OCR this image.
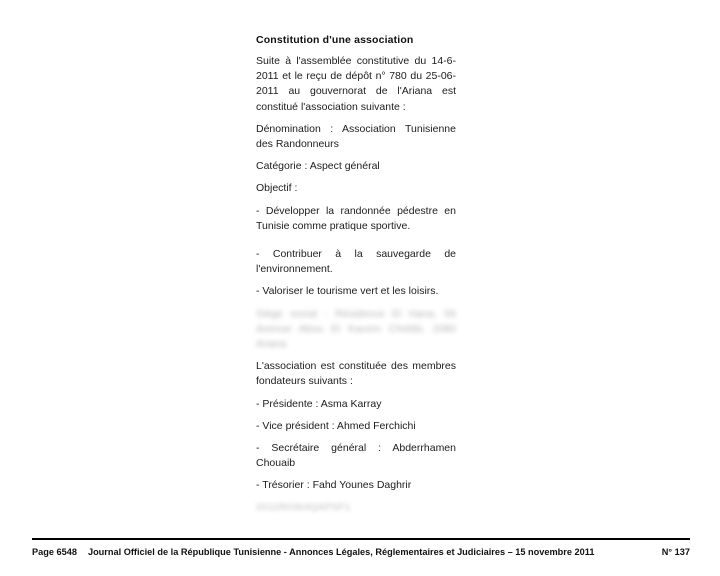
Constitution d'une association

Suite à l'assemblée constitutive du 14-6-2011 et le reçu de dépôt n° 780 du 25-06-2011 au gouvernorat de l'Ariana est constitué l'association suivante :

Dénomination : Association Tunisienne des Randonneurs

Catégorie : Aspect général

Objectif :

- Développer la randonnée pédestre en Tunisie comme pratique sportive.

- Contribuer à la sauvegarde de l'environnement.

- Valoriser le tourisme vert et les loisirs.

Siège social : Résidence El Hana, 56 Avenue Abou El Kacem Chebbi, 2080 Ariana

L'association est constituée des membres fondateurs suivants :

- Présidente : Asma Karray

- Vice président : Ahmed Ferchichi

- Secrétaire général : Abderrhamen Chouaib

- Trésorier : Fahd Younes Daghrir

2011R0364QAPSF1

Page 6548 Journal Officiel de la République Tunisienne - Annonces Légales, Réglementaires et Judiciaires – 15 novembre 2011	N° 137
